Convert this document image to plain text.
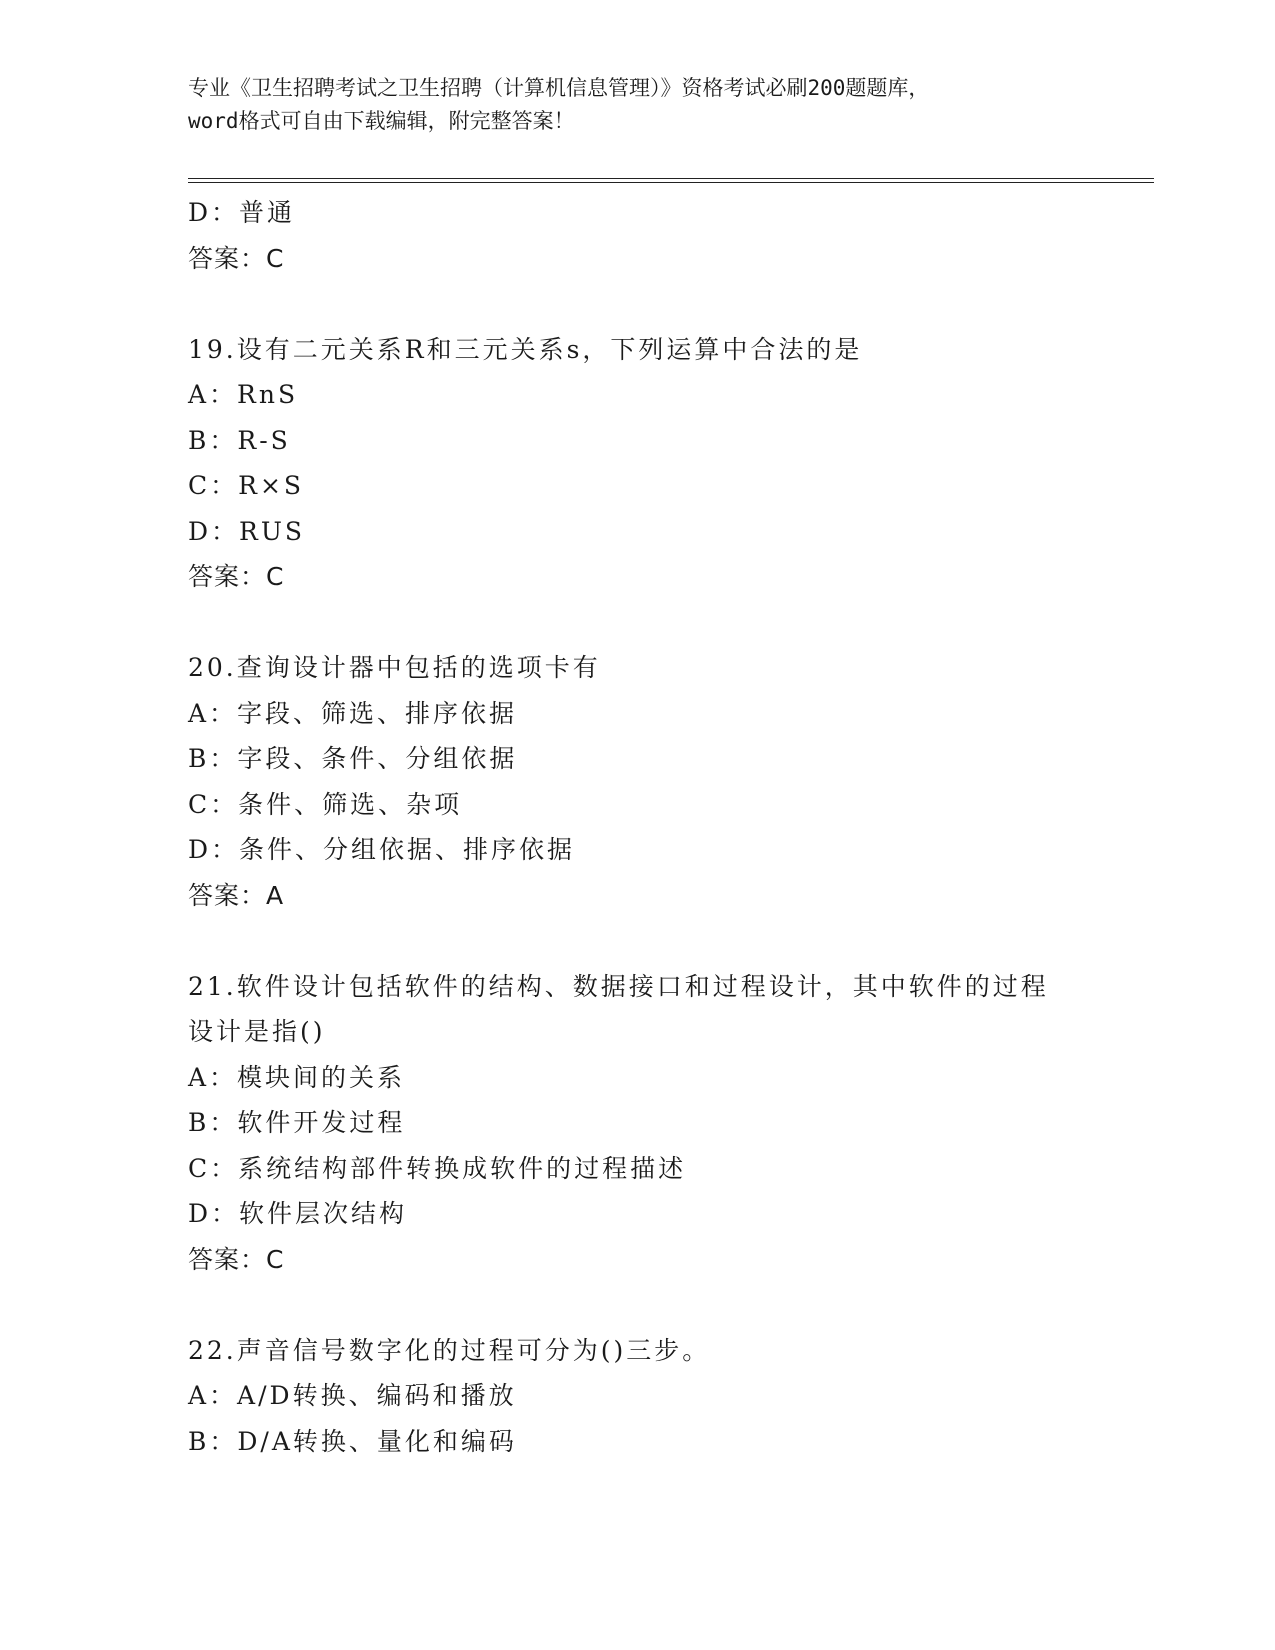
专业《卫生招聘考试之卫生招聘（计算机信息管理）》资格考试必刷200题题库，

word格式可自由下载编辑，附完整答案！

D：普通
答案：C
19.设有二元关系R和三元关系s，下列运算中合法的是
A：RnS
B：R-S
C：R×S
D：RUS
答案：C
20.查询设计器中包括的选项卡有
A：字段、筛选、排序依据
B：字段、条件、分组依据
C：条件、筛选、杂项
D：条件、分组依据、排序依据
答案：A
21.软件设计包括软件的结构、数据接口和过程设计，其中软件的过程
设计是指()
A：模块间的关系
B：软件开发过程
C：系统结构部件转换成软件的过程描述
D：软件层次结构
答案：C
22.声音信号数字化的过程可分为()三步。
A：A/D转换、编码和播放
B：D/A转换、量化和编码
